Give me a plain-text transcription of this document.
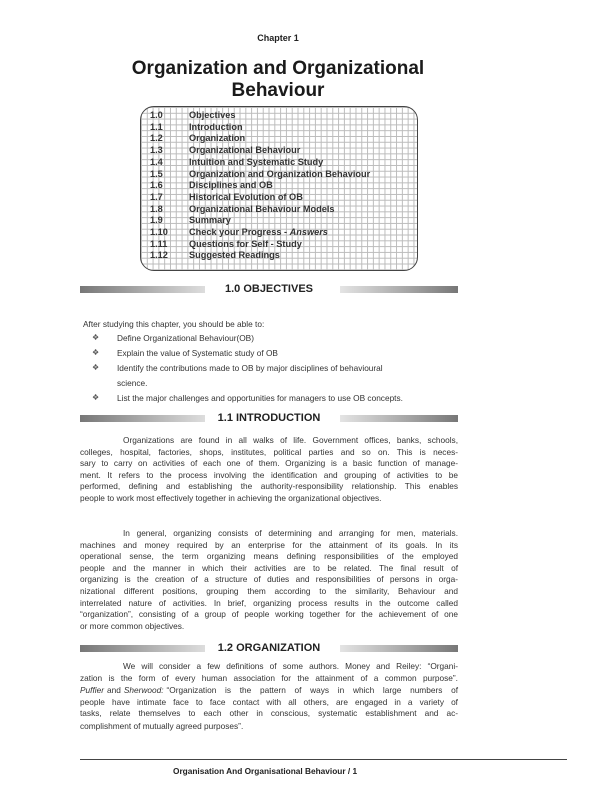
Chapter 1
Organization and Organizational
Behaviour
1.0	Objectives
1.1	Introduction
1.2	Organization
1.3	Organizational Behaviour
1.4	Intuition and Systematic Study
1.5	Organization and Organization Behaviour
1.6	Disciplines and OB
1.7	Historical Evolution of OB
1.8	Organizational Behaviour Models
1.9	Summary
1.10 Check your Progress - Answers
1.11 Questions for Self - Study
1.12 Suggested Readings
1.0 OBJECTIVES
After studying this chapter, you should be able to:
❖ Define Organizational Behaviour(OB)
❖ Explain the value of Systematic study of OB
❖ Identify the contributions made to OB by major disciplines of behavioural
science.
❖ List the major challenges and opportunities for managers to use OB concepts.
1.1 INTRODUCTION
Organizations are found in all walks of life. Government offices, banks, schools,
colleges, hospital, factories, shops, institutes, political parties and so on. This is neces-
sary to carry on activities of each one of them. Organizing is a basic function of manage-
ment. It refers to the process involving the identification and grouping of activities to be
performed, defining and establishing the authority-responsibility relationship. This enables
people to work most effectively together in achieving the organizational objectives.
In general, organizing consists of determining and arranging for men, materials.
machines and money required by an enterprise for the attainment of its goals. In its
operational sense, the term organizing means defining responsibilities of the employed
people and the manner in which their activities are to be related. The final result of
organizing is the creation of a structure of duties and responsibilities of persons in orga-
nizational different positions, grouping them according to the similarity, Behaviour and
interrelated nature of activities. In brief, organizing process results in the outcome called
“organization”, consisting of a group of people working together for the achievement of one
or more common objectives.
1.2 ORGANIZATION
We will consider a few definitions of some authors. Money and Reiley: “Organi-
zation is the form of every human association for the attainment of a common purpose”.
Puffier and Sherwood: “Organization is the pattern of ways in which large numbers of
people have intimate face to face contact with all others, are engaged in a variety of
tasks, relate themselves to each other in conscious, systematic establishment and ac-
complishment of mutually agreed purposes”.
Organisation And Organisational Behaviour / 1
